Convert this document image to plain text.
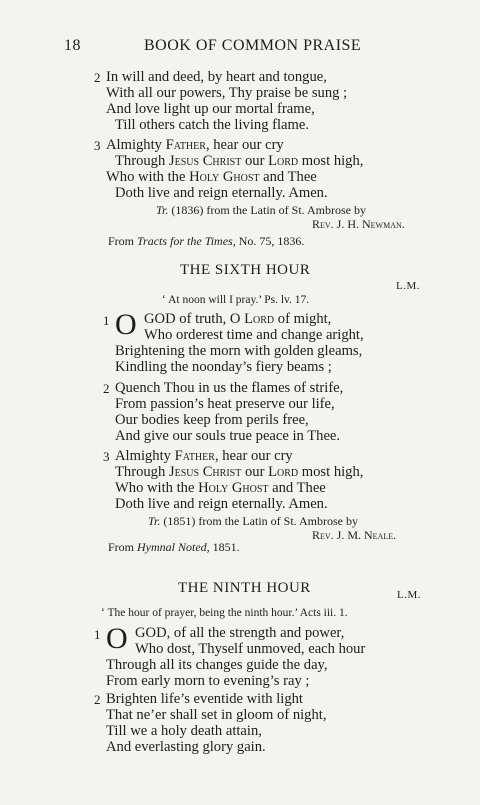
18	BOOK OF COMMON PRAISE
2 In will and deed, by heart and tongue,
With all our powers, Thy praise be sung ;
And love light up our mortal frame,
Till others catch the living flame.
3 Almighty Father, hear our cry
Through Jesus Christ our Lord most high,
Who with the Holy Ghost and Thee
Doth live and reign eternally. Amen.
Tr. (1836) from the Latin of St. Ambrose by
Rev. J. H. Newman.
From Tracts for the Times, No. 75, 1836.
THE SIXTH HOUR
L.M.
‘ At noon will I pray.’ Ps. lv. 17.
1 O GOD of truth, O Lord of might,
Who orderest time and change aright,
Brightening the morn with golden gleams,
Kindling the noonday’s fiery beams ;
2 Quench Thou in us the flames of strife,
From passion’s heat preserve our life,
Our bodies keep from perils free,
And give our souls true peace in Thee.
3 Almighty Father, hear our cry
Through Jesus Christ our Lord most high,
Who with the Holy Ghost and Thee
Doth live and reign eternally. Amen.
Tr. (1851) from the Latin of St. Ambrose by
Rev. J. M. Neale.
From Hymnal Noted, 1851.
THE NINTH HOUR	L.M.
‘ The hour of prayer, being the ninth hour.’ Acts iii. 1.
1 O GOD, of all the strength and power,
Who dost, Thyself unmoved, each hour
Through all its changes guide the day,
From early morn to evening’s ray ;
2 Brighten life’s eventide with light
That ne’er shall set in gloom of night,
Till we a holy death attain,
And everlasting glory gain.
